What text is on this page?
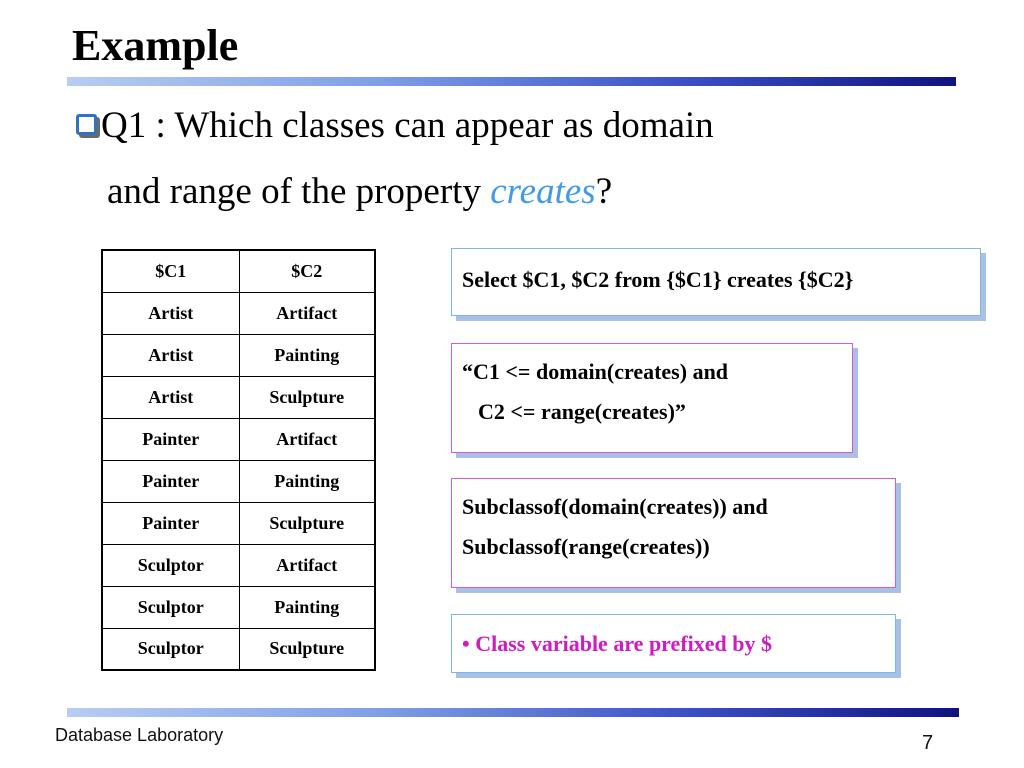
Example
Q1 : Which classes can appear as domain
and range of the property creates?
$C1	$C2
Artist	Artifact
Artist	Painting
Artist	Sculpture
Painter	Artifact
Painter	Painting
Painter	Sculpture
Sculptor	Artifact
Sculptor	Painting
Sculptor	Sculpture
Select $C1, $C2 from {$C1} creates {$C2}
“C1 <= domain(creates) and
C2 <= range(creates)”
Subclassof(domain(creates)) and
Subclassof(range(creates))
• Class variable are prefixed by $
Database Laboratory	7
